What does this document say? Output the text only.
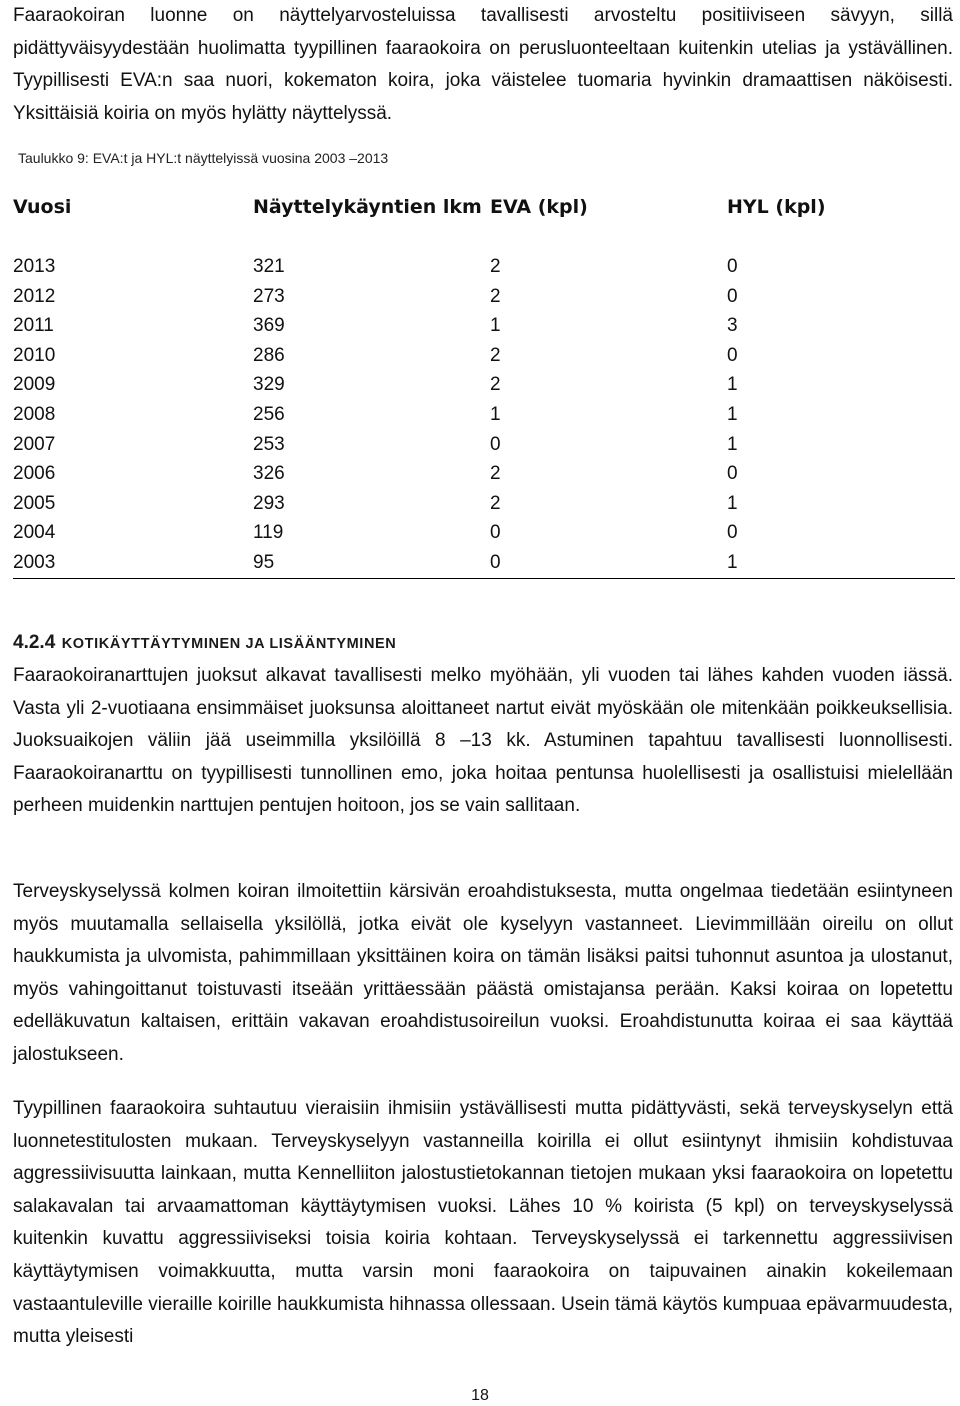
Faaraokoiran luonne on näyttelyarvosteluissa tavallisesti arvosteltu positiiviseen sävyyn, sillä pidättyväisyydestään huolimatta tyypillinen faaraokoira on perusluonteeltaan kuitenkin utelias ja ystävällinen. Tyypillisesti EVA:n saa nuori, kokematon koira, joka väistelee tuomaria hyvinkin dramaattisen näköisesti. Yksittäisiä koiria on myös hylätty näyttelyssä.

Taulukko 9: EVA:t ja HYL:t näyttelyissä vuosina 2003 –2013
Vuosi	Näyttelykäyntien lkm	EVA (kpl)	HYL (kpl)
2013	321	2	0
2012	273	2	0
2011	369	1	3
2010	286	2	0
2009	329	2	1
2008	256	1	1
2007	253	0	1
2006	326	2	0
2005	293	2	1
2004	119	0	0
2003	95	0	1
4.2.4 KOTIKÄYTTÄYTYMINEN JA LISÄÄNTYMINEN

Faaraokoiranarttujen juoksut alkavat tavallisesti melko myöhään, yli vuoden tai lähes kahden vuoden iässä. Vasta yli 2-vuotiaana ensimmäiset juoksunsa aloittaneet nartut eivät myöskään ole mitenkään poikkeuksellisia. Juoksuaikojen väliin jää useimmilla yksilöillä 8 –13 kk. Astuminen tapahtuu tavallisesti luonnollisesti. Faaraokoiranarttu on tyypillisesti tunnollinen emo, joka hoitaa pentunsa huolellisesti ja osallistuisi mielellään perheen muidenkin narttujen pentujen hoitoon, jos se vain sallitaan.

Terveyskyselyssä kolmen koiran ilmoitettiin kärsivän eroahdistuksesta, mutta ongelmaa tiedetään esiintyneen myös muutamalla sellaisella yksilöllä, jotka eivät ole kyselyyn vastanneet. Lievimmillään oireilu on ollut haukkumista ja ulvomista, pahimmillaan yksittäinen koira on tämän lisäksi paitsi tuhonnut asuntoa ja ulostanut, myös vahingoittanut toistuvasti itseään yrittäessään päästä omistajansa perään. Kaksi koiraa on lopetettu edelläkuvatun kaltaisen, erittäin vakavan eroahdistusoireilun vuoksi. Eroahdistunutta koiraa ei saa käyttää jalostukseen.

Tyypillinen faaraokoira suhtautuu vieraisiin ihmisiin ystävällisesti mutta pidättyvästi, sekä terveyskyselyn että luonnetestitulosten mukaan. Terveyskyselyyn vastanneilla koirilla ei ollut esiintynyt ihmisiin kohdistuvaa aggressiivisuutta lainkaan, mutta Kennelliiton jalostustietokannan tietojen mukaan yksi faaraokoira on lopetettu salakavalan tai arvaamattoman käyttäytymisen vuoksi. Lähes 10 % koirista (5 kpl) on terveyskyselyssä kuitenkin kuvattu aggressiiviseksi toisia koiria kohtaan. Terveyskyselyssä ei tarkennettu aggressiivisen käyttäytymisen voimakkuutta, mutta varsin moni faaraokoira on taipuvainen ainakin kokeilemaan vastaantuleville vieraille koirille haukkumista hihnassa ollessaan. Usein tämä käytös kumpuaa epävarmuudesta, mutta yleisesti

18
